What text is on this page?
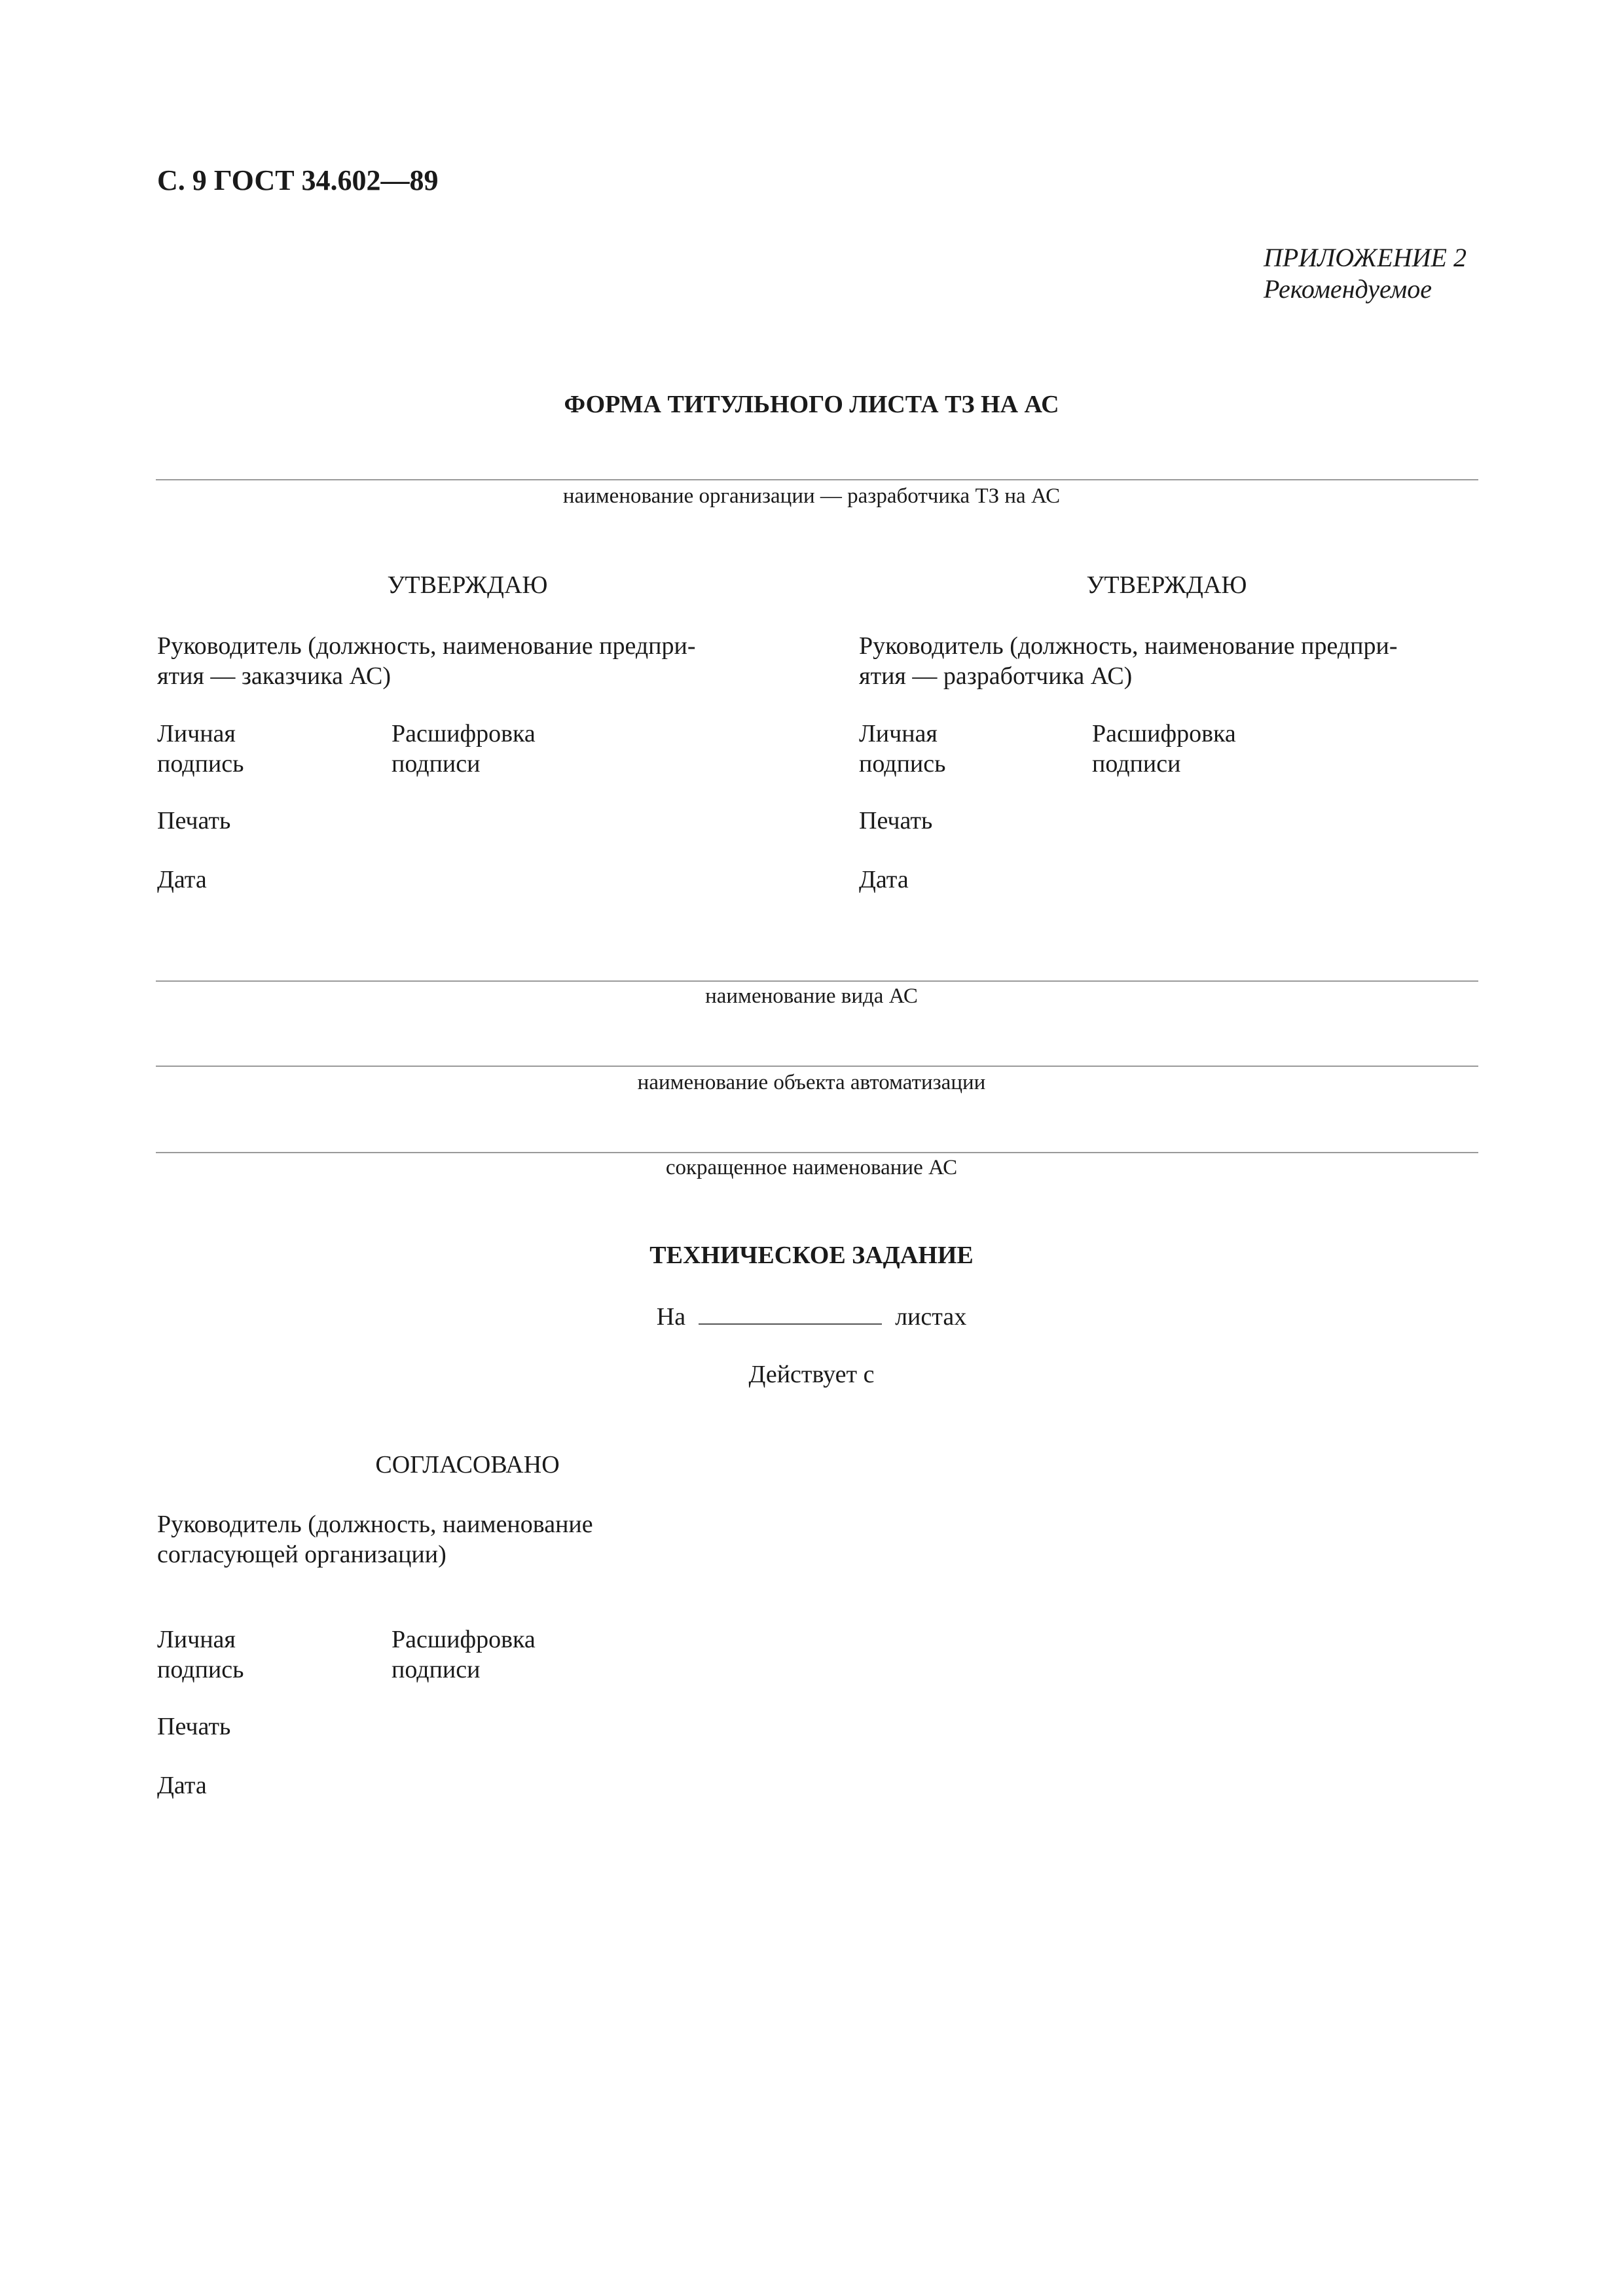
С. 9 ГОСТ 34.602—89
ПРИЛОЖЕНИЕ 2
Рекомендуемое
ФОРМА ТИТУЛЬНОГО ЛИСТА ТЗ НА АС
наименование организации — разработчика ТЗ на АС
УТВЕРЖДАЮ
Руководитель (должность, наименование предпри-
ятия — заказчика АС)
Личная
подпись
Расшифровка
подписи
Печать
Дата
УТВЕРЖДАЮ
Руководитель (должность, наименование предпри-
ятия — разработчика АС)
Личная
подпись
Расшифровка
подписи
Печать
Дата
наименование вида АС
наименование объекта автоматизации
сокращенное наименование АС
ТЕХНИЧЕСКОЕ ЗАДАНИЕ
На	листах
Действует с
СОГЛАСОВАНО
Руководитель (должность, наименование
согласующей организации)
Личная
подпись
Расшифровка
подписи
Печать
Дата
